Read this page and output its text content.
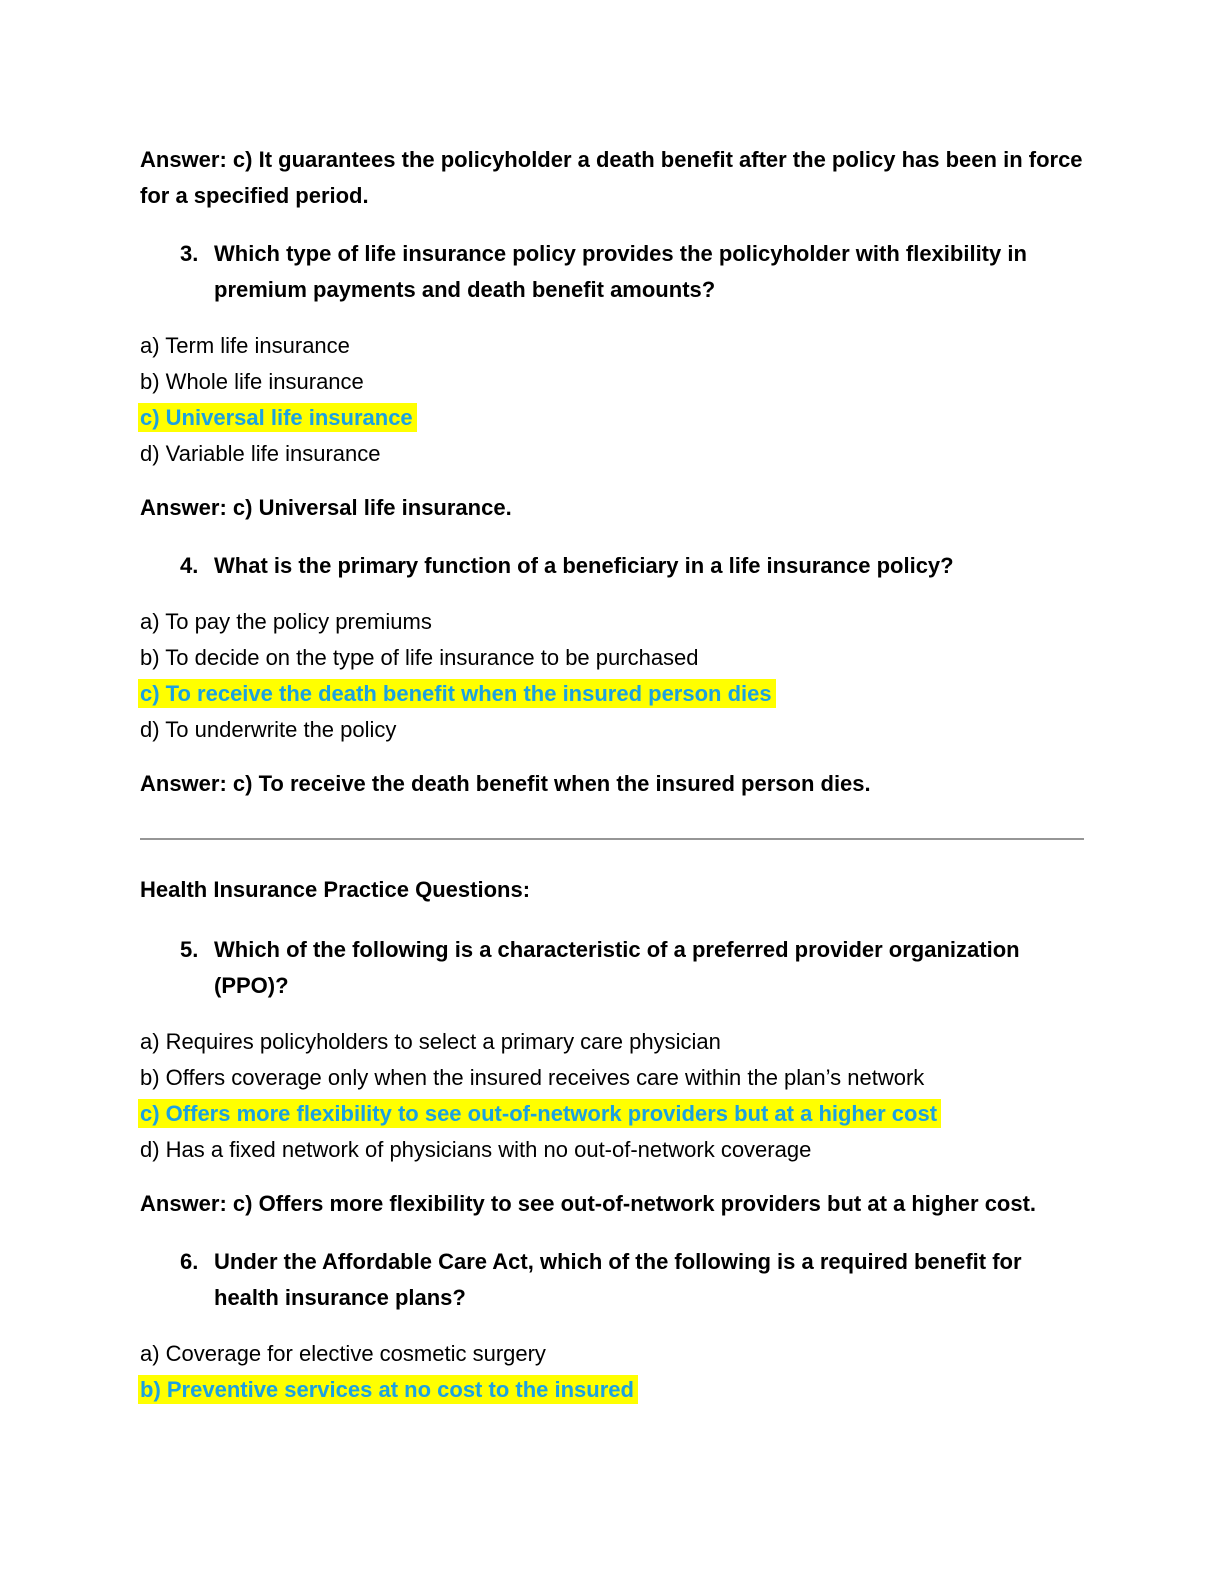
Answer: c) It guarantees the policyholder a death benefit after the policy has been in force for a specified period.

3. Which type of life insurance policy provides the policyholder with flexibility in premium payments and death benefit amounts?

a) Term life insurance

b) Whole life insurance

c) Universal life insurance

d) Variable life insurance

Answer: c) Universal life insurance.

4. What is the primary function of a beneficiary in a life insurance policy?

a) To pay the policy premiums

b) To decide on the type of life insurance to be purchased

c) To receive the death benefit when the insured person dies

d) To underwrite the policy

Answer: c) To receive the death benefit when the insured person dies.

Health Insurance Practice Questions:

5. Which of the following is a characteristic of a preferred provider organization (PPO)?

a) Requires policyholders to select a primary care physician

b) Offers coverage only when the insured receives care within the plan’s network

c) Offers more flexibility to see out-of-network providers but at a higher cost

d) Has a fixed network of physicians with no out-of-network coverage

Answer: c) Offers more flexibility to see out-of-network providers but at a higher cost.

6. Under the Affordable Care Act, which of the following is a required benefit for health insurance plans?

a) Coverage for elective cosmetic surgery

b) Preventive services at no cost to the insured
